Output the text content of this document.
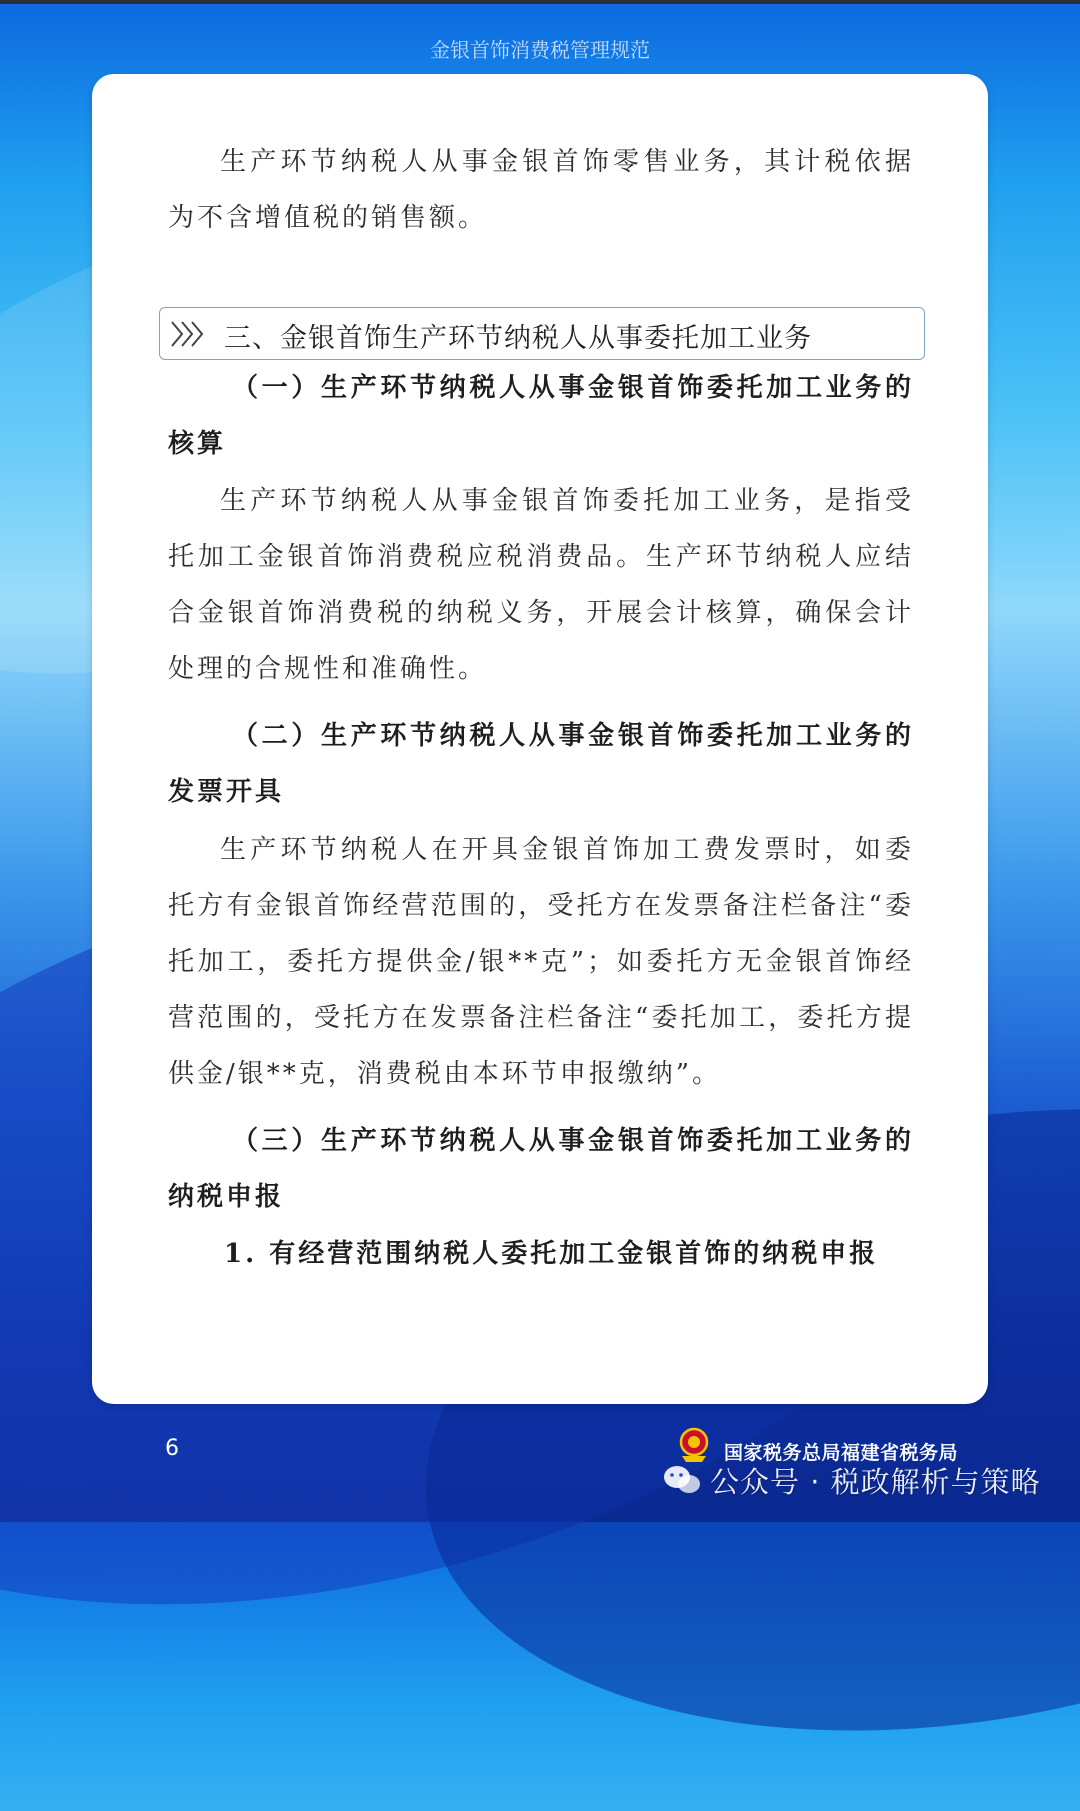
金银首饰消费税管理规范

生产环节纳税人从事金银首饰零售业务，其计税依据为不含增值税的销售额。

三、金银首饰生产环节纳税人从事委托加工业务

（一）生产环节纳税人从事金银首饰委托加工业务的核算

生产环节纳税人从事金银首饰委托加工业务，是指受托加工金银首饰消费税应税消费品。生产环节纳税人应结合金银首饰消费税的纳税义务，开展会计核算，确保会计处理的合规性和准确性。

（二）生产环节纳税人从事金银首饰委托加工业务的发票开具

生产环节纳税人在开具金银首饰加工费发票时，如委托方有金银首饰经营范围的，受托方在发票备注栏备注“委托加工，委托方提供金/银**克”；如委托方无金银首饰经营范围的，受托方在发票备注栏备注“委托加工，委托方提供金/银**克，消费税由本环节申报缴纳”。

（三）生产环节纳税人从事金银首饰委托加工业务的纳税申报

1. 有经营范围纳税人委托加工金银首饰的纳税申报

6	国家税务总局福建省税务局
公众号 · 税政解析与策略
